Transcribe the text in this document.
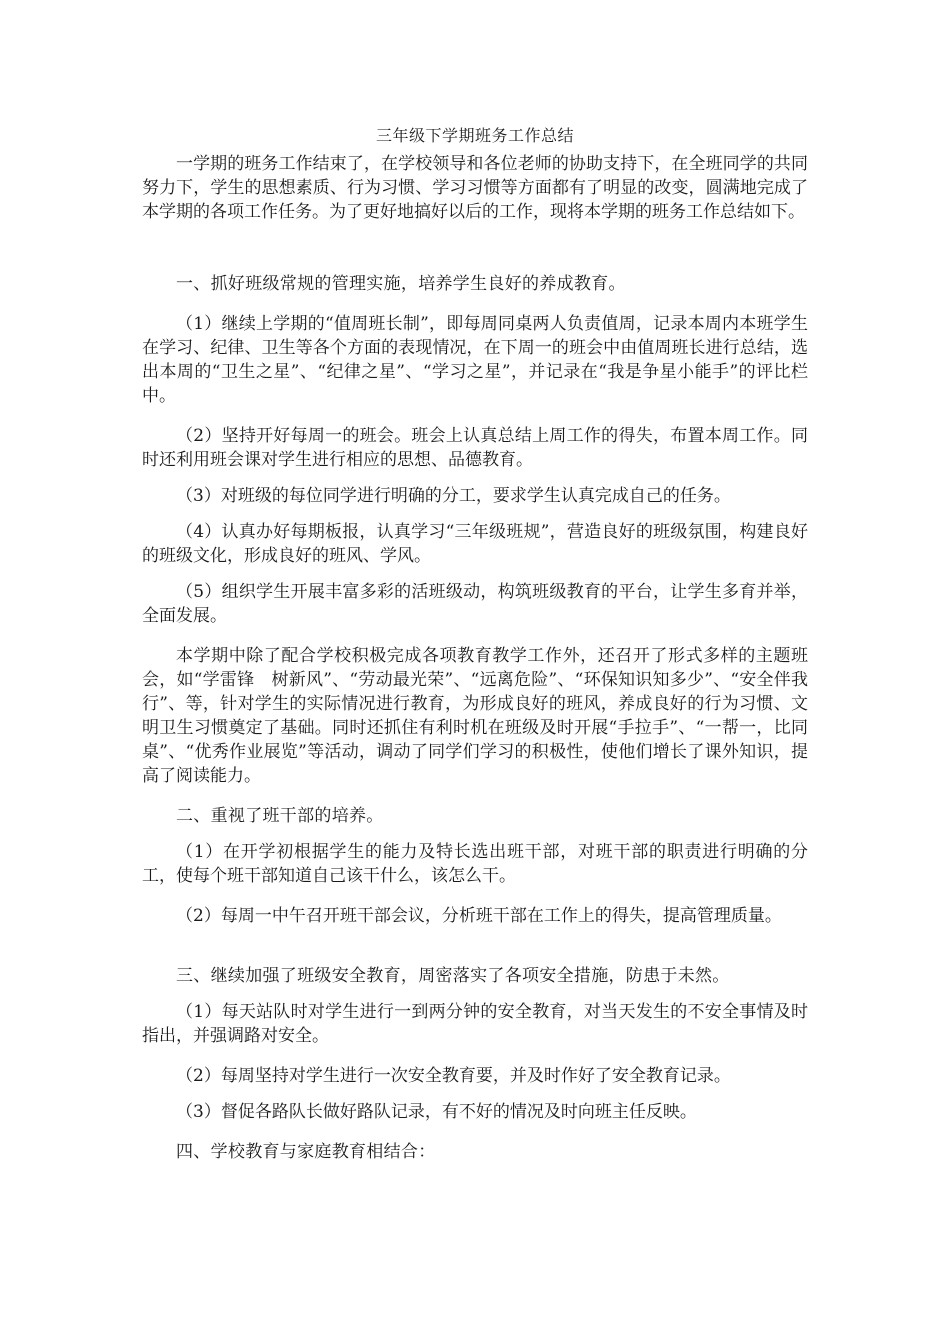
三年级下学期班务工作总结

一学期的班务工作结束了，在学校领导和各位老师的协助支持下，在全班同学的共同努力下，学生的思想素质、行为习惯、学习习惯等方面都有了明显的改变，圆满地完成了本学期的各项工作任务。为了更好地搞好以后的工作，现将本学期的班务工作总结如下。

一、抓好班级常规的管理实施，培养学生良好的养成教育。

（1）继续上学期的“值周班长制”，即每周同桌两人负责值周，记录本周内本班学生在学习、纪律、卫生等各个方面的表现情况，在下周一的班会中由值周班长进行总结，选出本周的“卫生之星”、“纪律之星”、“学习之星”，并记录在“我是争星小能手”的评比栏中。

（2）坚持开好每周一的班会。班会上认真总结上周工作的得失，布置本周工作。同时还利用班会课对学生进行相应的思想、品德教育。

（3）对班级的每位同学进行明确的分工，要求学生认真完成自己的任务。

（4）认真办好每期板报，认真学习“三年级班规”，营造良好的班级氛围，构建良好的班级文化，形成良好的班风、学风。

（5）组织学生开展丰富多彩的活班级动，构筑班级教育的平台，让学生多育并举，全面发展。

本学期中除了配合学校积极完成各项教育教学工作外，还召开了形式多样的主题班会，如“学雷锋　树新风”、“劳动最光荣”、“远离危险”、“环保知识知多少”、“安全伴我行”、等，针对学生的实际情况进行教育，为形成良好的班风，养成良好的行为习惯、文明卫生习惯奠定了基础。同时还抓住有利时机在班级及时开展“手拉手”、“一帮一，比同桌”、“优秀作业展览”等活动，调动了同学们学习的积极性，使他们增长了课外知识，提高了阅读能力。

二、重视了班干部的培养。

（1）在开学初根据学生的能力及特长选出班干部，对班干部的职责进行明确的分工，使每个班干部知道自己该干什么，该怎么干。

（2）每周一中午召开班干部会议，分析班干部在工作上的得失，提高管理质量。

三、继续加强了班级安全教育，周密落实了各项安全措施，防患于未然。

（1）每天站队时对学生进行一到两分钟的安全教育，对当天发生的不安全事情及时指出，并强调路对安全。

（2）每周坚持对学生进行一次安全教育要，并及时作好了安全教育记录。

（3）督促各路队长做好路队记录，有不好的情况及时向班主任反映。

四、学校教育与家庭教育相结合：
